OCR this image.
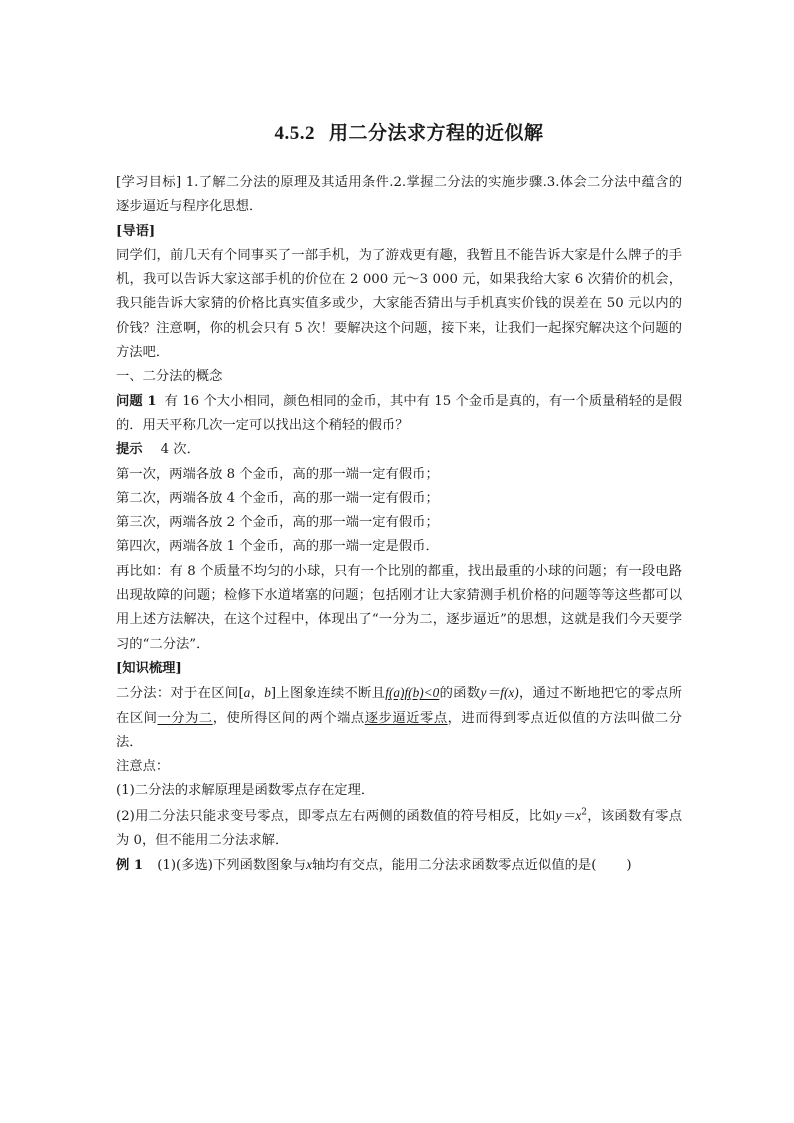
4.5.2 用二分法求方程的近似解

[学习目标] 1.了解二分法的原理及其适用条件.2.掌握二分法的实施步骤.3.体会二分法中蕴含的逐步逼近与程序化思想．

[导语]

同学们，前几天有个同事买了一部手机，为了游戏更有趣，我暂且不能告诉大家是什么牌子的手机，我可以告诉大家这部手机的价位在 2 000 元～3 000 元，如果我给大家 6 次猜价的机会，我只能告诉大家猜的价格比真实值多或少，大家能否猜出与手机真实价钱的误差在 50 元以内的价钱？注意啊，你的机会只有 5 次！要解决这个问题，接下来，让我们一起探究解决这个问题的方法吧．

一、二分法的概念

问题 1 有 16 个大小相同，颜色相同的金币，其中有 15 个金币是真的，有一个质量稍轻的是假的．用天平称几次一定可以找出这个稍轻的假币？

提示 4 次．

第一次，两端各放 8 个金币，高的那一端一定有假币；

第二次，两端各放 4 个金币，高的那一端一定有假币；

第三次，两端各放 2 个金币，高的那一端一定有假币；

第四次，两端各放 1 个金币，高的那一端一定是假币．

再比如：有 8 个质量不均匀的小球，只有一个比别的都重，找出最重的小球的问题；有一段电路出现故障的问题；检修下水道堵塞的问题；包括刚才让大家猜测手机价格的问题等等这些都可以用上述方法解决，在这个过程中，体现出了“一分为二，逐步逼近”的思想，这就是我们今天要学习的“二分法”．

[知识梳理]

二分法：对于在区间[a，b]上图象连续不断且f(a)f(b)<0的函数y＝f(x)，通过不断地把它的零点所在区间一分为二，使所得区间的两个端点逐步逼近零点，进而得到零点近似值的方法叫做二分法．

注意点：

(1)二分法的求解原理是函数零点存在定理．

(2)用二分法只能求变号零点，即零点左右两侧的函数值的符号相反，比如$y=x^2$，该函数有零点为 0，但不能用二分法求解．

例 1 (1)(多选)下列函数图象与x轴均有交点，能用二分法求函数零点近似值的是( )
